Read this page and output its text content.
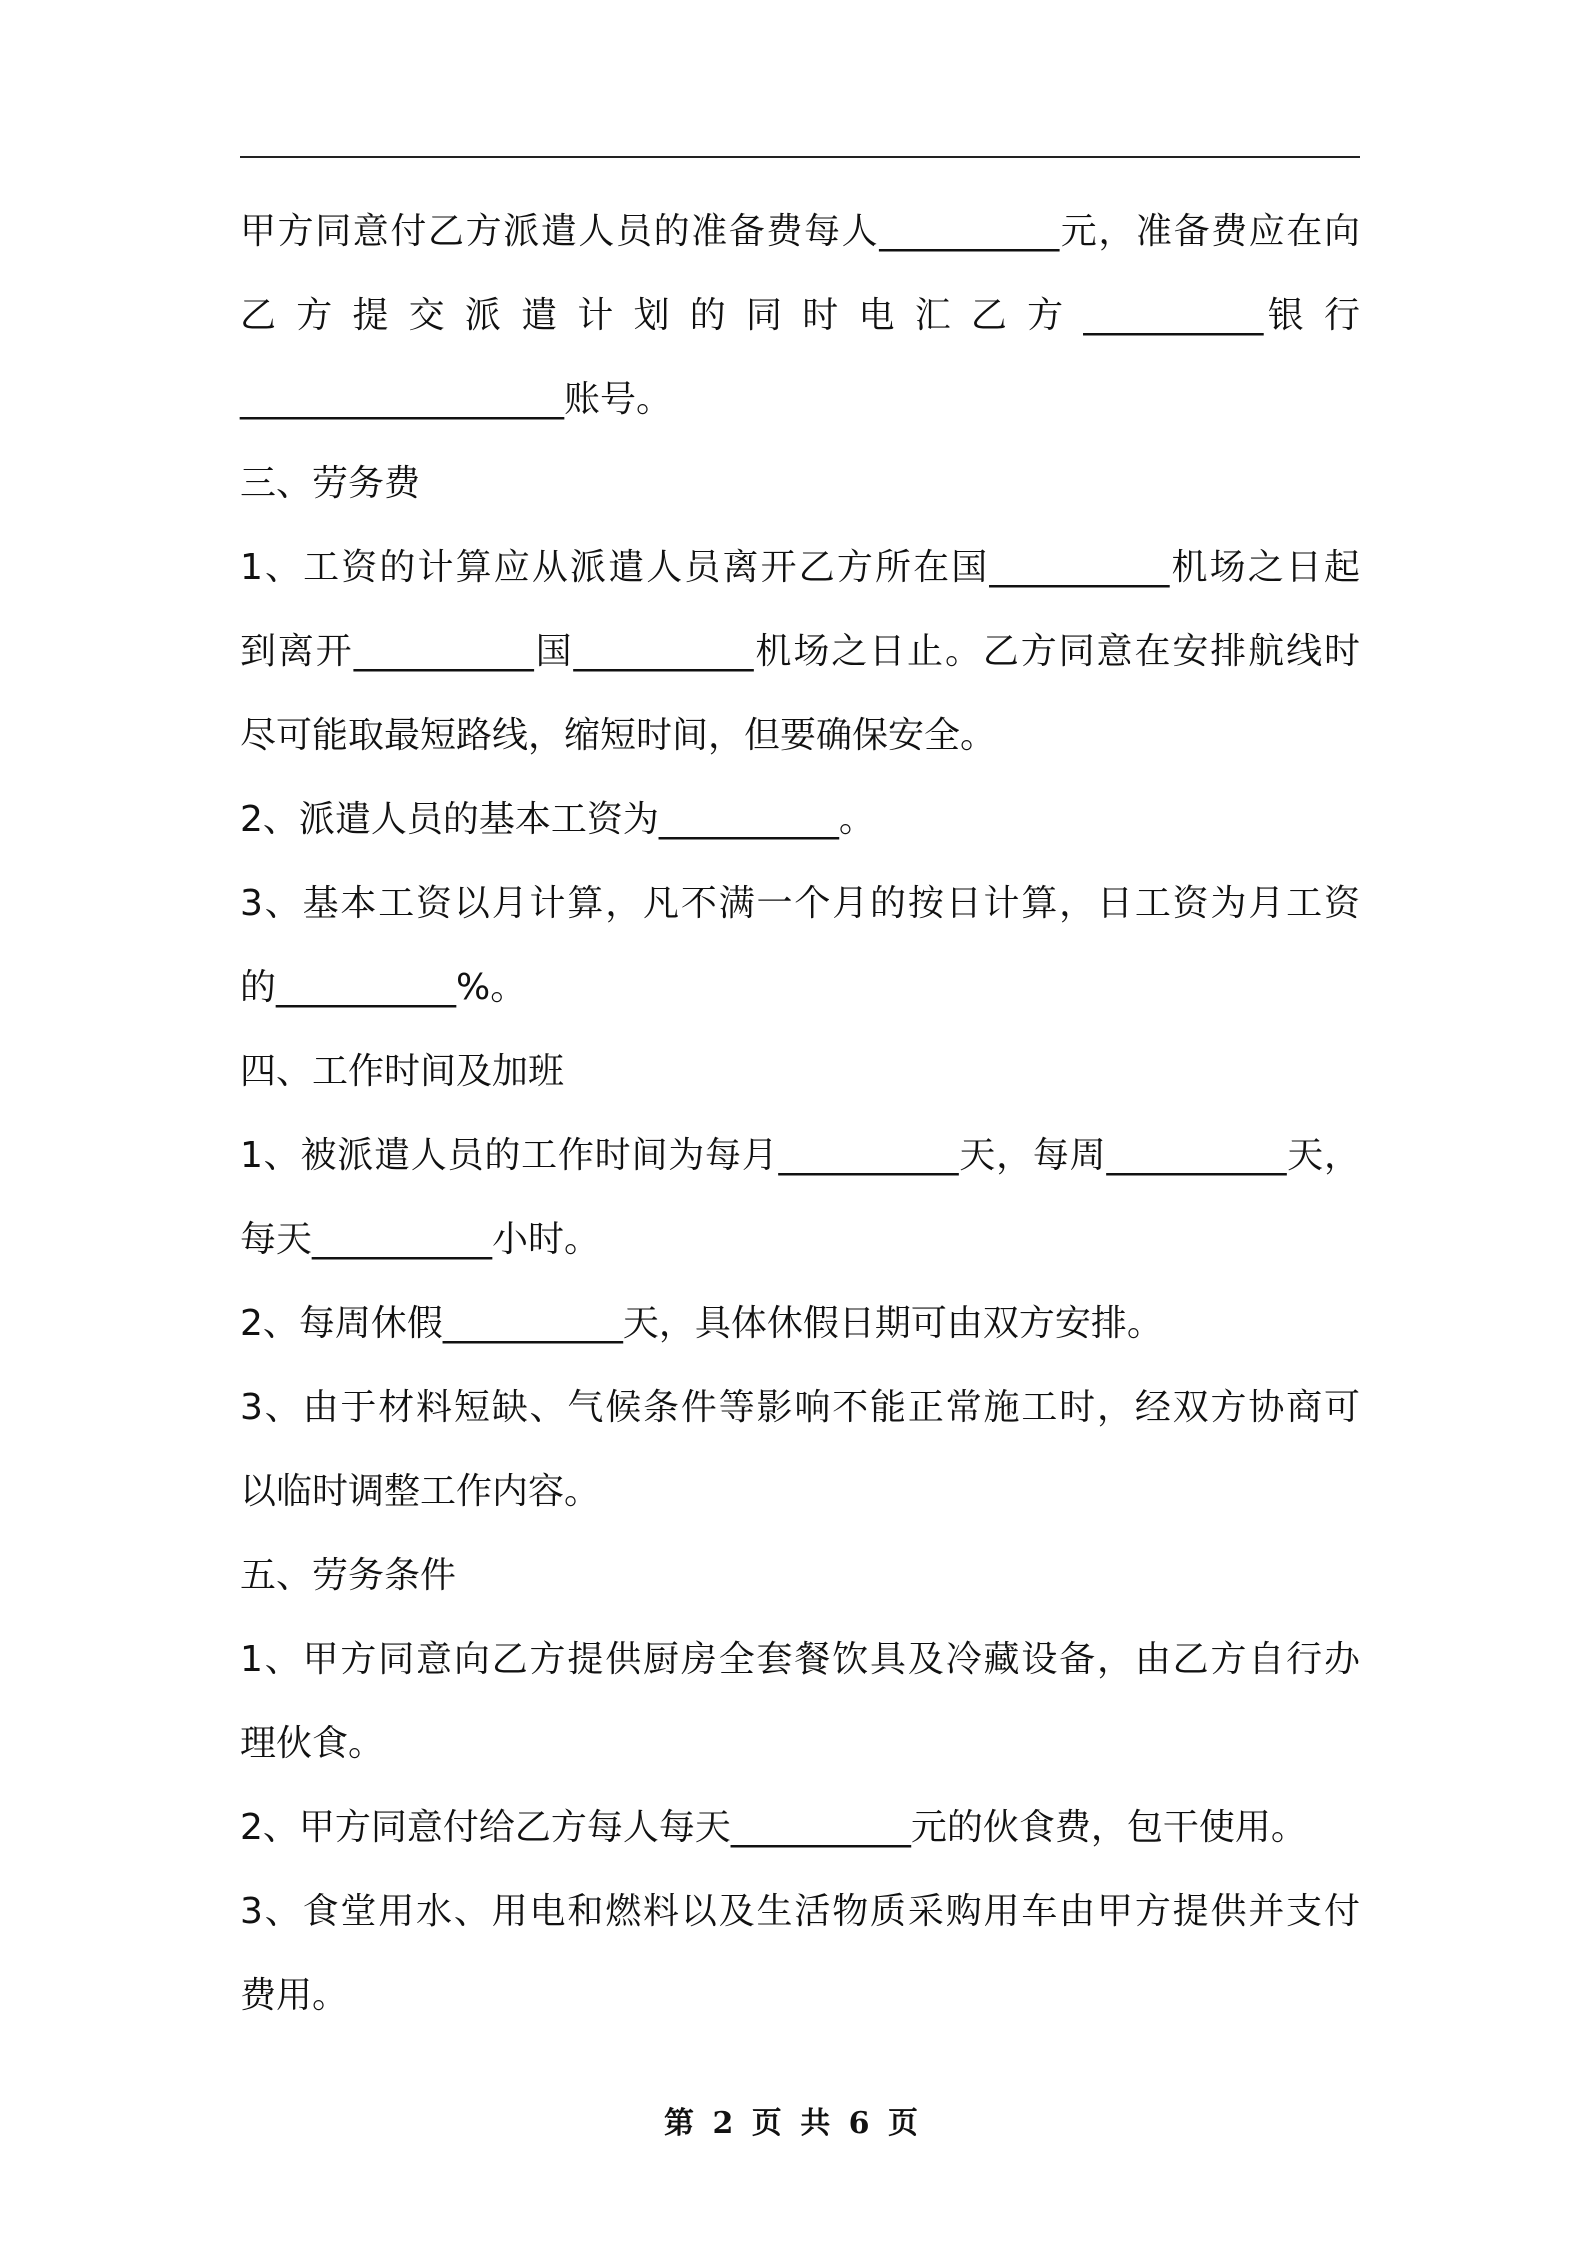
甲方同意付乙方派遣人员的准备费每人__________元，准备费应在向
乙 方 提 交 派 遣 计 划 的 同 时 电 汇 乙 方 __________银 行
__________________账号。
三、劳务费
1、工资的计算应从派遣人员离开乙方所在国__________机场之日起
到离开__________国__________机场之日止。乙方同意在安排航线时
尽可能取最短路线，缩短时间，但要确保安全。
2、派遣人员的基本工资为__________。
3、基本工资以月计算，凡不满一个月的按日计算，日工资为月工资
的__________%。
四、工作时间及加班
1、被派遣人员的工作时间为每月__________天，每周__________天，
每天__________小时。
2、每周休假__________天，具体休假日期可由双方安排。
3、由于材料短缺、气候条件等影响不能正常施工时，经双方协商可
以临时调整工作内容。
五、劳务条件
1、甲方同意向乙方提供厨房全套餐饮具及冷藏设备，由乙方自行办
理伙食。
2、甲方同意付给乙方每人每天__________元的伙食费，包干使用。
3、食堂用水、用电和燃料以及生活物质采购用车由甲方提供并支付
费用。
第 2 页 共 6 页
